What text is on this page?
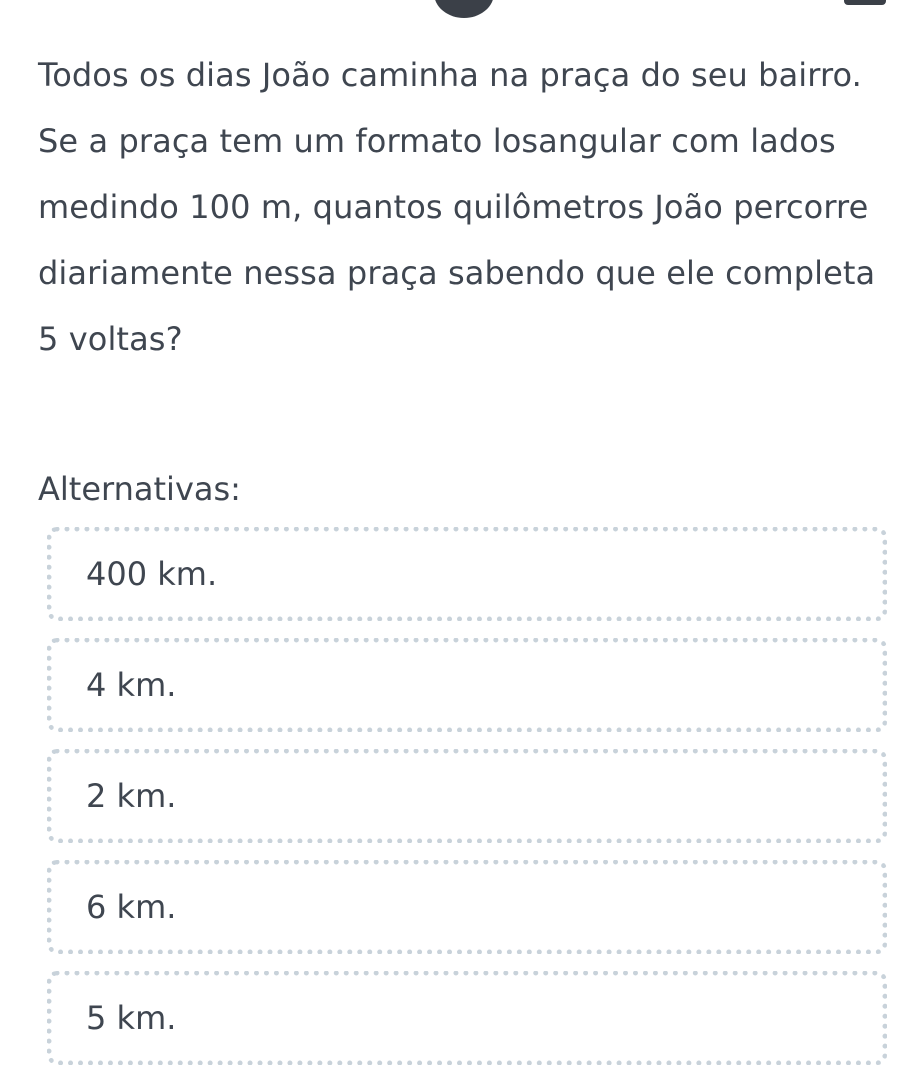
Todos os dias João caminha na praça do seu bairro. Se a praça tem um formato losangular com lados medindo 100 m, quantos quilômetros João percorre diariamente nessa praça sabendo que ele completa 5 voltas?
Alternativas:
400 km.
4 km.
2 km.
6 km.
5 km.
